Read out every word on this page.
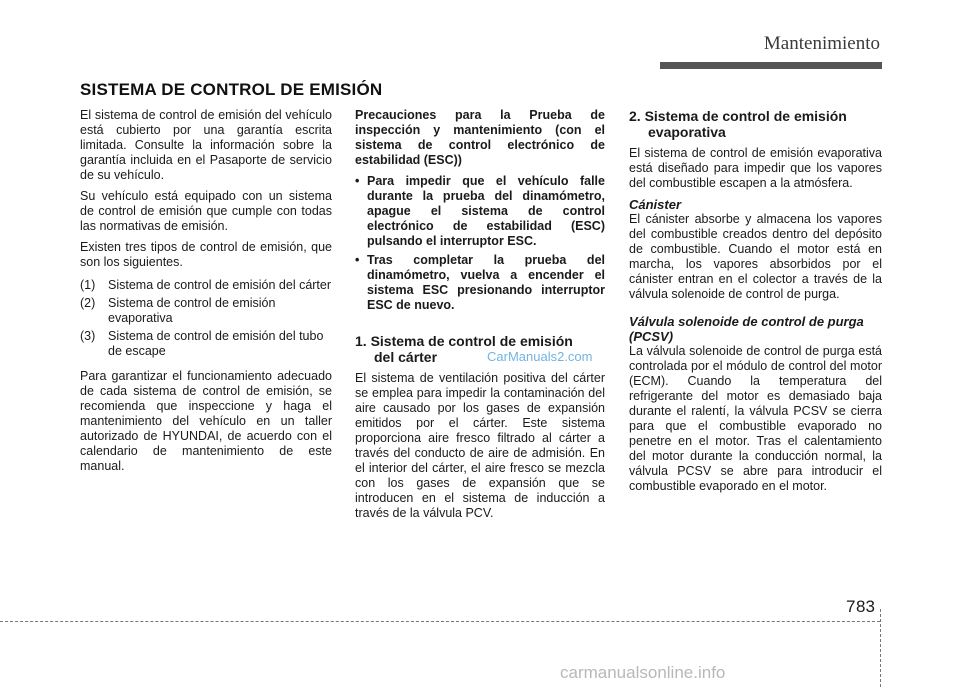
Mantenimiento
SISTEMA DE CONTROL DE EMISIÓN

El sistema de control de emisión del vehículo está cubierto por una garantía escrita limitada. Consulte la información sobre la garantía incluida en el Pasaporte de servicio de su vehículo.

Su vehículo está equipado con un sistema de control de emisión que cumple con todas las normativas de emisión.

Existen tres tipos de control de emisión, que son los siguientes.

(1)	Sistema de control de emisión del cárter
(2)	Sistema de control de emisión evaporativa
(3)	Sistema de control de emisión del tubo de escape

Para garantizar el funcionamiento adecuado de cada sistema de control de emisión, se recomienda que inspeccione y haga el mantenimiento del vehículo en un taller autorizado de HYUNDAI, de acuerdo con el calendario de mantenimiento de este manual.

Precauciones para la Prueba de inspección y mantenimiento (con el sistema de control electrónico de estabilidad (ESC))

• Para impedir que el vehículo falle durante la prueba del dinamómetro, apague el sistema de control electrónico de estabilidad (ESC) pulsando el interruptor ESC.
• Tras completar la prueba del dinamómetro, vuelva a encender el sistema ESC presionando interruptor ESC de nuevo.
1. Sistema de control de emisión
del cárter

El sistema de ventilación positiva del cárter se emplea para impedir la contaminación del aire causado por los gases de expansión emitidos por el cárter. Este sistema proporciona aire fresco filtrado al cárter a través del conducto de aire de admisión. En el interior del cárter, el aire fresco se mezcla con los gases de expansión que se introducen en el sistema de inducción a través de la válvula PCV.

2. Sistema de control de emisión
evaporativa

El sistema de control de emisión evaporativa está diseñado para impedir que los vapores del combustible escapen a la atmósfera.

Cánister

El cánister absorbe y almacena los vapores del combustible creados dentro del depósito de combustible. Cuando el motor está en marcha, los vapores absorbidos por el cánister entran en el colector a través de la válvula solenoide de control de purga.

Válvula solenoide de control de purga (PCSV)

La válvula solenoide de control de purga está controlada por el módulo de control del motor (ECM). Cuando la temperatura del refrigerante del motor es demasiado baja durante el ralentí, la válvula PCSV se cierra para que el combustible evaporado no penetre en el motor. Tras el calentamiento del motor durante la conducción normal, la válvula PCSV se abre para introducir el combustible evaporado en el motor.

CarManuals2.com
7 83
carmanualsonline.info
